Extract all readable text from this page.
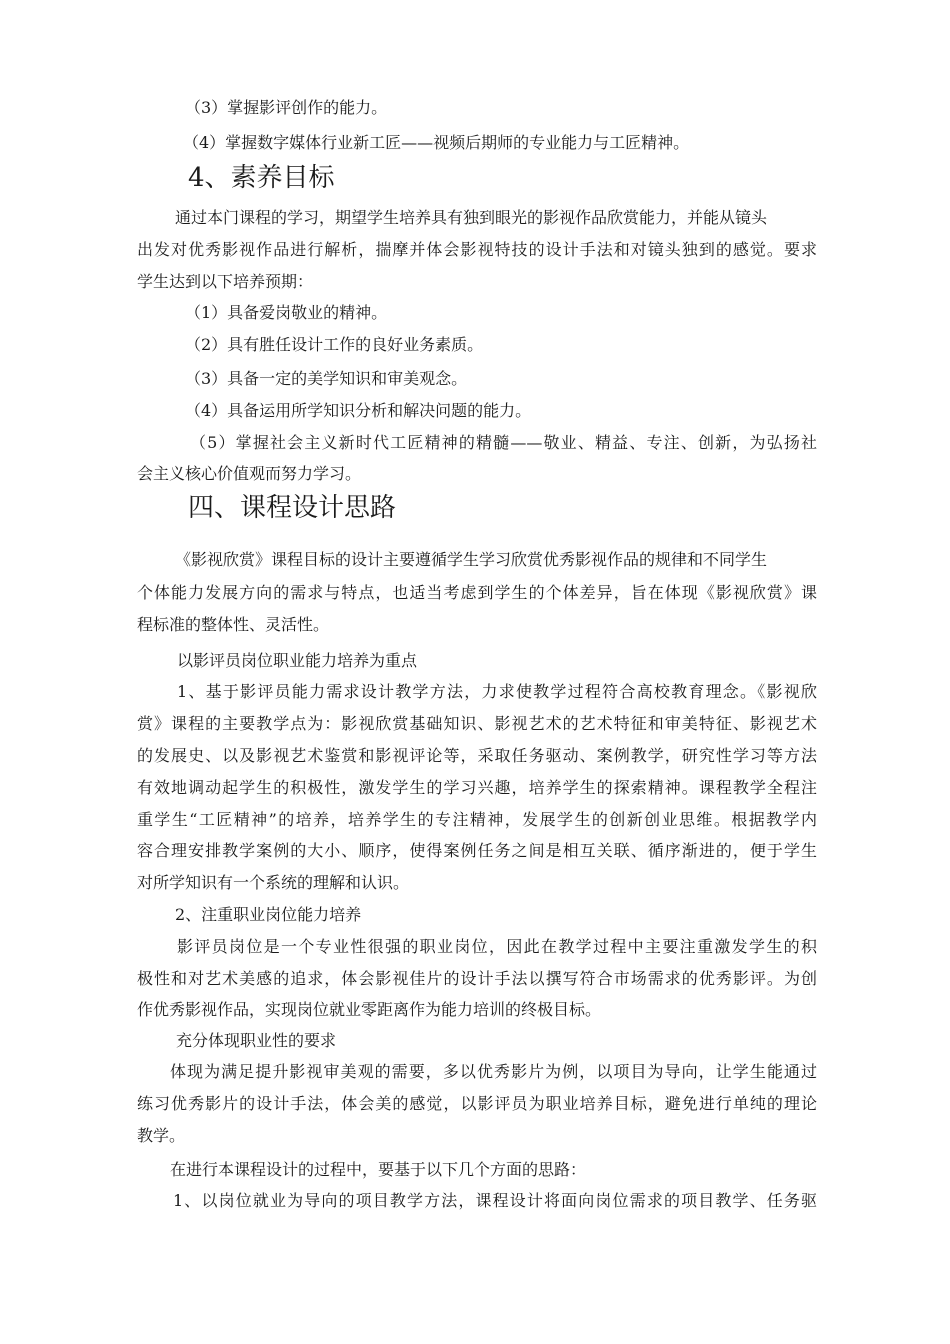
（3）掌握影评创作的能力。
（4）掌握数字媒体行业新工匠——视频后期师的专业能力与工匠精神。
4、素养目标
通过本门课程的学习，期望学生培养具有独到眼光的影视作品欣赏能力，并能从镜头
出发对优秀影视作品进行解析，揣摩并体会影视特技的设计手法和对镜头独到的感觉。要求
学生达到以下培养预期：
（1）具备爱岗敬业的精神。
（2）具有胜任设计工作的良好业务素质。
（3）具备一定的美学知识和审美观念。
（4）具备运用所学知识分析和解决问题的能力。
（5）掌握社会主义新时代工匠精神的精髓——敬业、精益、专注、创新，为弘扬社
会主义核心价值观而努力学习。
四、课程设计思路
《影视欣赏》课程目标的设计主要遵循学生学习欣赏优秀影视作品的规律和不同学生
个体能力发展方向的需求与特点，也适当考虑到学生的个体差异，旨在体现《影视欣赏》课
程标准的整体性、灵活性。
以影评员岗位职业能力培养为重点
1、基于影评员能力需求设计教学方法，力求使教学过程符合高校教育理念。《影视欣
赏》课程的主要教学点为：影视欣赏基础知识、影视艺术的艺术特征和审美特征、影视艺术
的发展史、以及影视艺术鉴赏和影视评论等，采取任务驱动、案例教学，研究性学习等方法
有效地调动起学生的积极性，激发学生的学习兴趣，培养学生的探索精神。课程教学全程注
重学生“工匠精神”的培养，培养学生的专注精神，发展学生的创新创业思维。根据教学内
容合理安排教学案例的大小、顺序，使得案例任务之间是相互关联、循序渐进的，便于学生
对所学知识有一个系统的理解和认识。
2、注重职业岗位能力培养
影评员岗位是一个专业性很强的职业岗位，因此在教学过程中主要注重激发学生的积
极性和对艺术美感的追求，体会影视佳片的设计手法以撰写符合市场需求的优秀影评。为创
作优秀影视作品，实现岗位就业零距离作为能力培训的终极目标。
充分体现职业性的要求
体现为满足提升影视审美观的需要，多以优秀影片为例，以项目为导向，让学生能通过
练习优秀影片的设计手法，体会美的感觉，以影评员为职业培养目标，避免进行单纯的理论
教学。
在进行本课程设计的过程中，要基于以下几个方面的思路：
1、以岗位就业为导向的项目教学方法，课程设计将面向岗位需求的项目教学、任务驱
